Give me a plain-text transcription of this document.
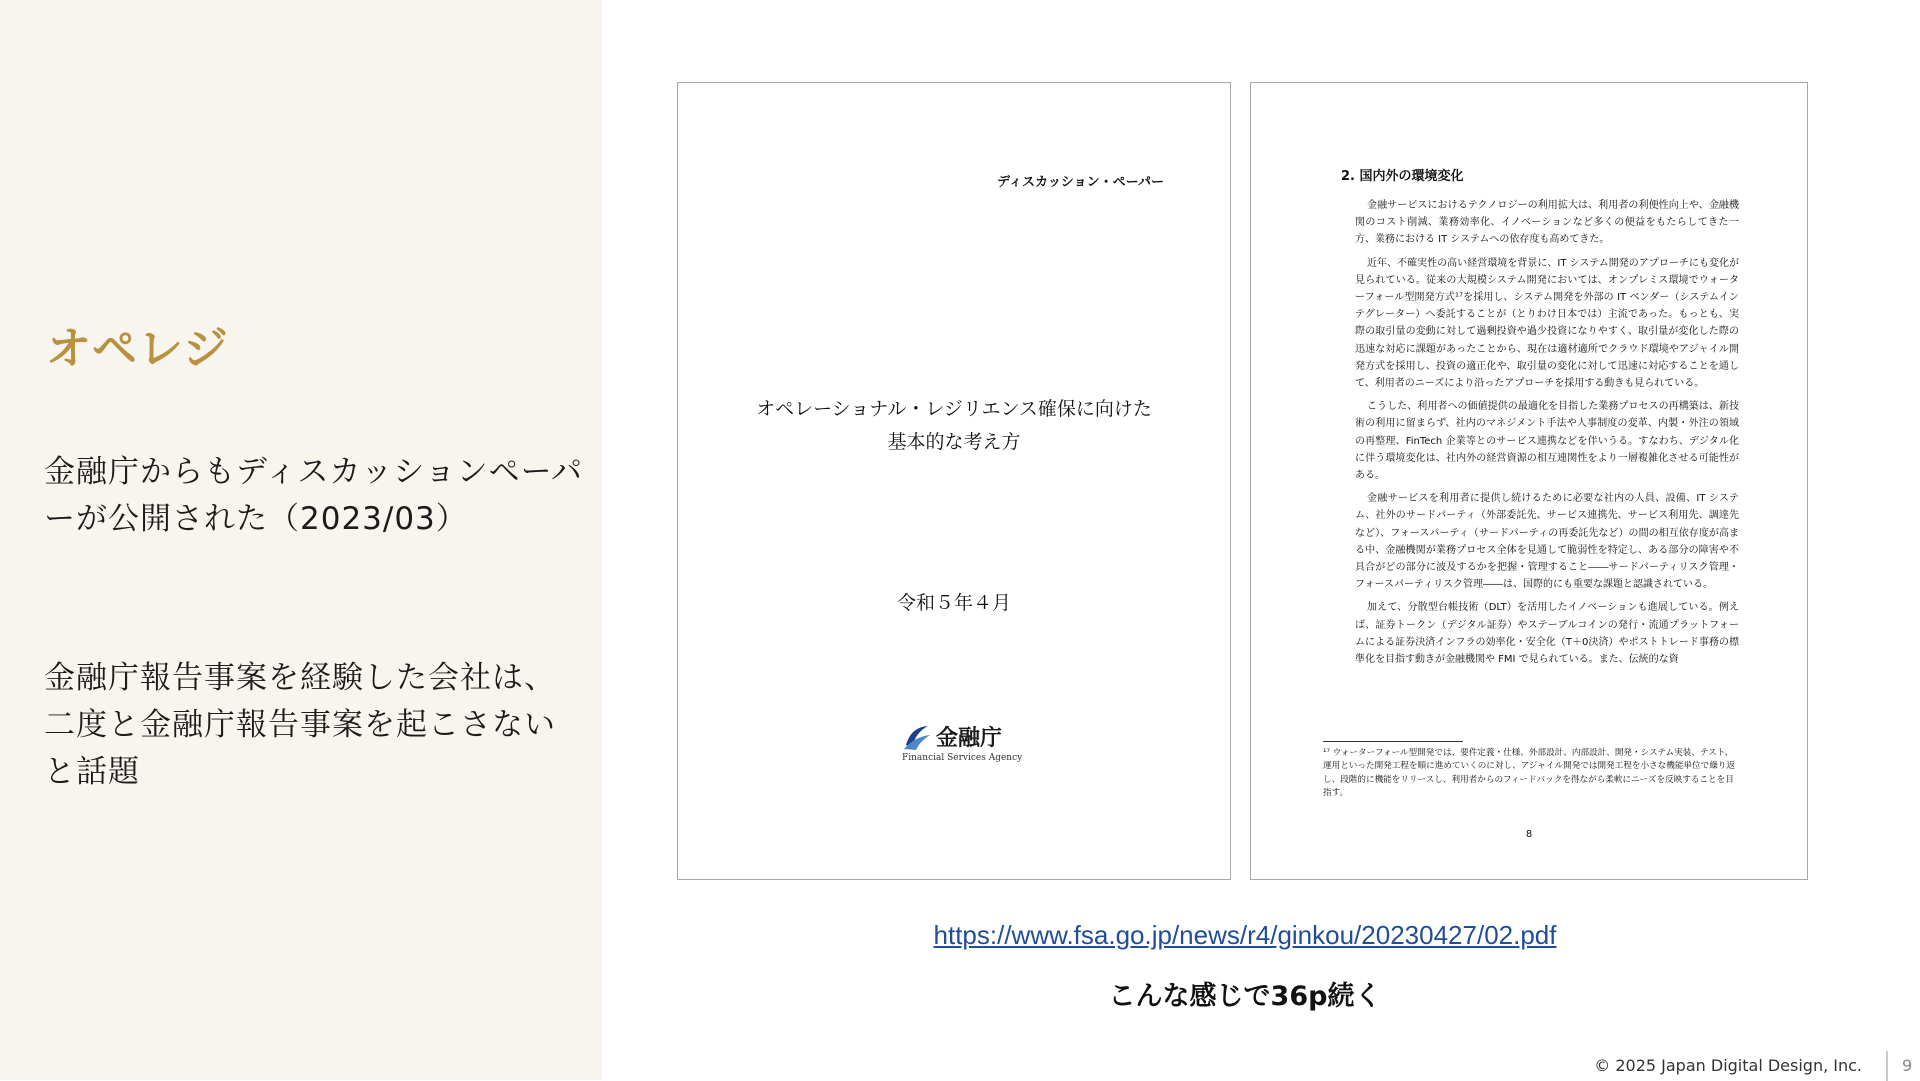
オペレジ
金融庁からもディスカッションペーパーが公開された（2023/03）
金融庁報告事案を経験した会社は、二度と金融庁報告事案を起こさないと話題
ディスカッション・ペーパー
オペレーショナル・レジリエンス確保に向けた
基本的な考え方
令和５年４月
金融庁
Financial Services Agency
2. 国内外の環境変化

金融サービスにおけるテクノロジーの利用拡大は、利用者の利便性向上や、金融機関のコスト削減、業務効率化、イノベーションなど多くの便益をもたらしてきた一方、業務における IT システムへの依存度も高めてきた。

近年、不確実性の高い経営環境を背景に、IT システム開発のアプローチにも変化が見られている。従来の大規模システム開発においては、オンプレミス環境でウォーターフォール型開発方式¹⁷を採用し、システム開発を外部の IT ベンダー（システムインテグレーター）へ委託することが（とりわけ日本では）主流であった。もっとも、実際の取引量の変動に対して過剰投資や過少投資になりやすく、取引量が変化した際の迅速な対応に課題があったことから、現在は適材適所でクラウド環境やアジャイル開発方式を採用し、投資の適正化や、取引量の変化に対して迅速に対応することを通して、利用者のニーズにより沿ったアプローチを採用する動きも見られている。

こうした、利用者への価値提供の最適化を目指した業務プロセスの再構築は、新技術の利用に留まらず、社内のマネジメント手法や人事制度の変革、内製・外注の領域の再整理、FinTech 企業等とのサービス連携などを伴いうる。すなわち、デジタル化に伴う環境変化は、社内外の経営資源の相互連関性をより一層複雑化させる可能性がある。

金融サービスを利用者に提供し続けるために必要な社内の人員、設備、IT システム、社外のサードパーティ（外部委託先、サービス連携先、サービス利用先、調達先など）、フォースパーティ（サードパーティの再委託先など）の間の相互依存度が高まる中、金融機関が業務プロセス全体を見通して脆弱性を特定し、ある部分の障害や不具合がどの部分に波及するかを把握・管理すること――サードパーティリスク管理・フォースパーティリスク管理――は、国際的にも重要な課題と認識されている。

加えて、分散型台帳技術（DLT）を活用したイノベーションも進展している。例えば、証券トークン（デジタル証券）やステーブルコインの発行・流通プラットフォームによる証券決済インフラの効率化・安全化（T＋0決済）やポストトレード事務の標準化を目指す動きが金融機関や FMI で見られている。また、伝統的な資

¹⁷ ウォーターフォール型開発では、要件定義・仕様、外部設計、内部設計、開発・システム実装、テスト、運用といった開発工程を順に進めていくのに対し、アジャイル開発では開発工程を小さな機能単位で繰り返し、段階的に機能をリリースし、利用者からのフィードバックを得ながら柔軟にニーズを反映することを目指す。
8
https://www.fsa.go.jp/news/r4/ginkou/20230427/02.pdf
こんな感じで36p続く
© 2025 Japan Digital Design, Inc.	9
